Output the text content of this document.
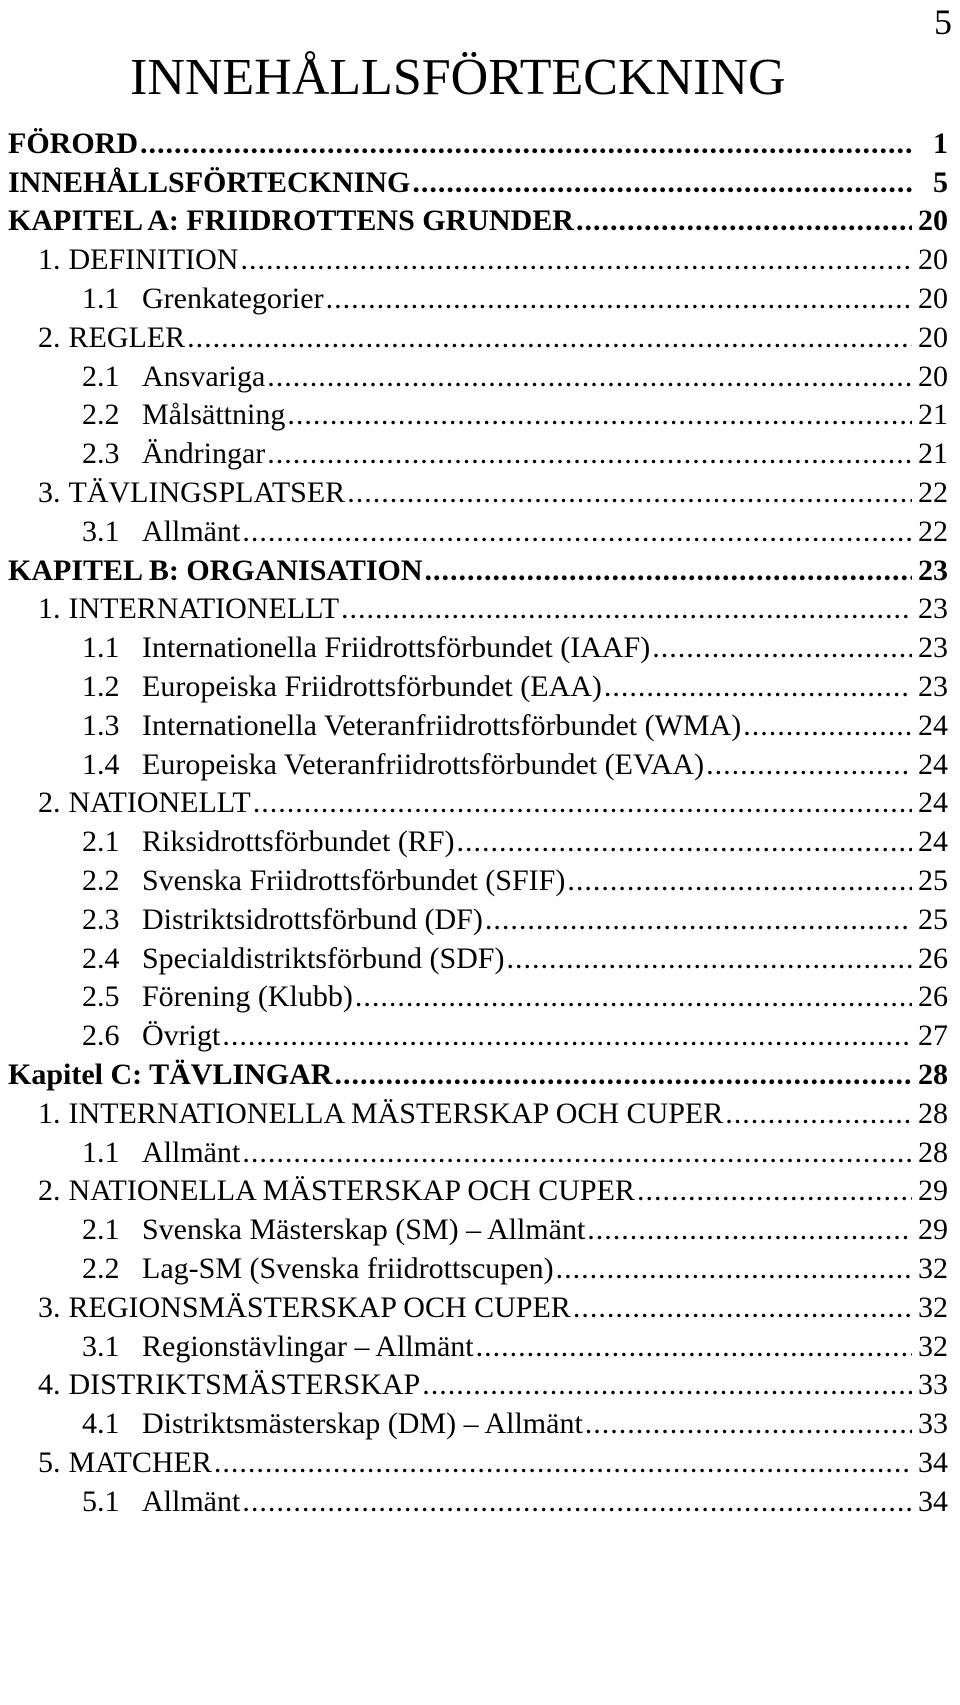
5
INNEHÅLLSFÖRTECKNING
FÖRORD .....	1
INNEHÅLLSFÖRTECKNING .....	5
KAPITEL A: FRIIDROTTENS GRUNDER .....	20
1. DEFINITION .....	20
1.1 Grenkategorier .....	20
2. REGLER .....	20
2.1 Ansvariga .....	20
2.2 Målsättning .....	21
2.3 Ändringar .....	21
3. TÄVLINGSPLATSER .....	22
3.1 Allmänt .....	22
KAPITEL B: ORGANISATION .....	23
1. INTERNATIONELLT .....	23
1.1 Internationella Friidrottsförbundet (IAAF) .....	23
1.2 Europeiska Friidrottsförbundet (EAA) .....	23
1.3 Internationella Veteranfriidrottsförbundet (WMA) .....	24
1.4 Europeiska Veteranfriidrottsförbundet (EVAA) .....	24
2. NATIONELLT .....	24
2.1 Riksidrottsförbundet (RF) .....	24
2.2 Svenska Friidrottsförbundet (SFIF) .....	25
2.3 Distriktsidrottsförbund (DF) .....	25
2.4 Specialdistriktsförbund (SDF) .....	26
2.5 Förening (Klubb) .....	26
2.6 Övrigt .....	27
Kapitel C: TÄVLINGAR .....	28
1. INTERNATIONELLA MÄSTERSKAP OCH CUPER .....	28
1.1 Allmänt .....	28
2. NATIONELLA MÄSTERSKAP OCH CUPER .....	29
2.1 Svenska Mästerskap (SM) – Allmänt .....	29
2.2 Lag-SM (Svenska friidrottscupen) .....	32
3. REGIONSMÄSTERSKAP OCH CUPER .....	32
3.1 Regionstävlingar – Allmänt .....	32
4. DISTRIKTSMÄSTERSKAP .....	33
4.1 Distriktsmästerskap (DM) – Allmänt .....	33
5. MATCHER .....	34
5.1 Allmänt .....	34
